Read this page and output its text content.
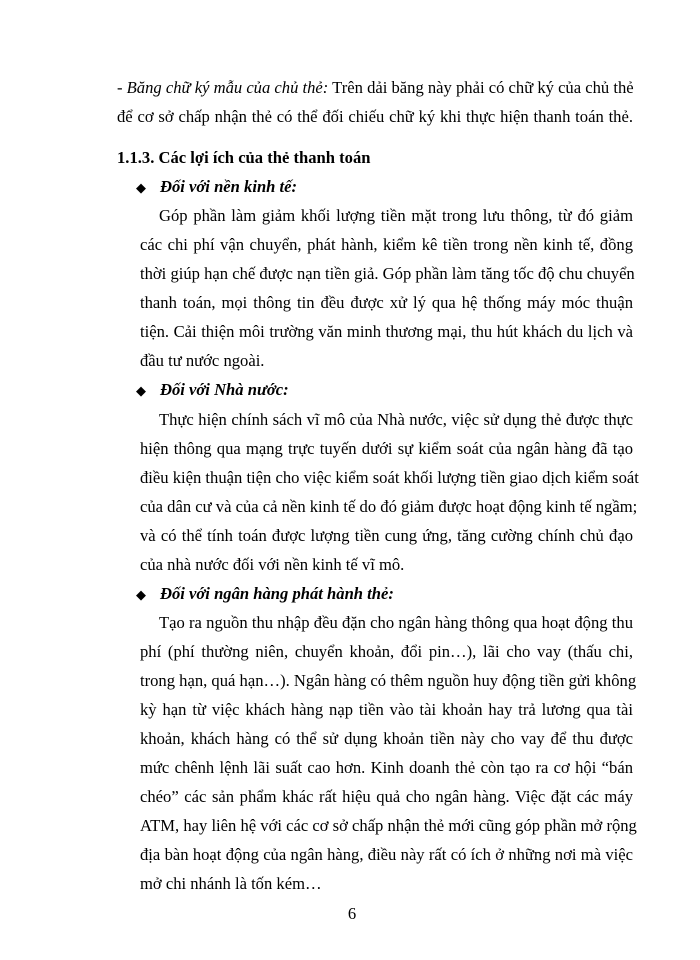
- Băng chữ ký mẫu của chủ thẻ: Trên dải băng này phải có chữ ký của chủ thẻ

để cơ sở chấp nhận thẻ có thể đối chiếu chữ ký khi thực hiện thanh toán thẻ.

1.1.3. Các lợi ích của thẻ thanh toán

◆ Đối với nền kinh tế:

Góp phần làm giảm khối lượng tiền mặt trong lưu thông, từ đó giảm

các chi phí vận chuyển, phát hành, kiểm kê tiền trong nền kinh tế, đồng

thời giúp hạn chế được nạn tiền giả. Góp phần làm tăng tốc độ chu chuyển

thanh toán, mọi thông tin đều được xử lý qua hệ thống máy móc thuận

tiện. Cải thiện môi trường văn minh thương mại, thu hút khách du lịch và

đầu tư nước ngoài.

◆ Đối với Nhà nước:

Thực hiện chính sách vĩ mô của Nhà nước, việc sử dụng thẻ được thực

hiện thông qua mạng trực tuyến dưới sự kiểm soát của ngân hàng đã tạo

điều kiện thuận tiện cho việc kiểm soát khối lượng tiền giao dịch kiểm soát

của dân cư và của cả nền kinh tế do đó giảm được hoạt động kinh tế ngầm;

và có thể tính toán được lượng tiền cung ứng, tăng cường chính chủ đạo

của nhà nước đối với nền kinh tế vĩ mô.

◆ Đối với ngân hàng phát hành thẻ:

Tạo ra nguồn thu nhập đều đặn cho ngân hàng thông qua hoạt động thu

phí (phí thường niên, chuyển khoản, đổi pin…), lãi cho vay (thấu chi,

trong hạn, quá hạn…). Ngân hàng có thêm nguồn huy động tiền gửi không

kỳ hạn từ việc khách hàng nạp tiền vào tài khoản hay trả lương qua tài

khoản, khách hàng có thể sử dụng khoản tiền này cho vay để thu được

mức chênh lệnh lãi suất cao hơn. Kinh doanh thẻ còn tạo ra cơ hội “bán

chéo” các sản phẩm khác rất hiệu quả cho ngân hàng. Việc đặt các máy

ATM, hay liên hệ với các cơ sở chấp nhận thẻ mới cũng góp phần mở rộng

địa bàn hoạt động của ngân hàng, điều này rất có ích ở những nơi mà việc

mở chi nhánh là tốn kém…

6
